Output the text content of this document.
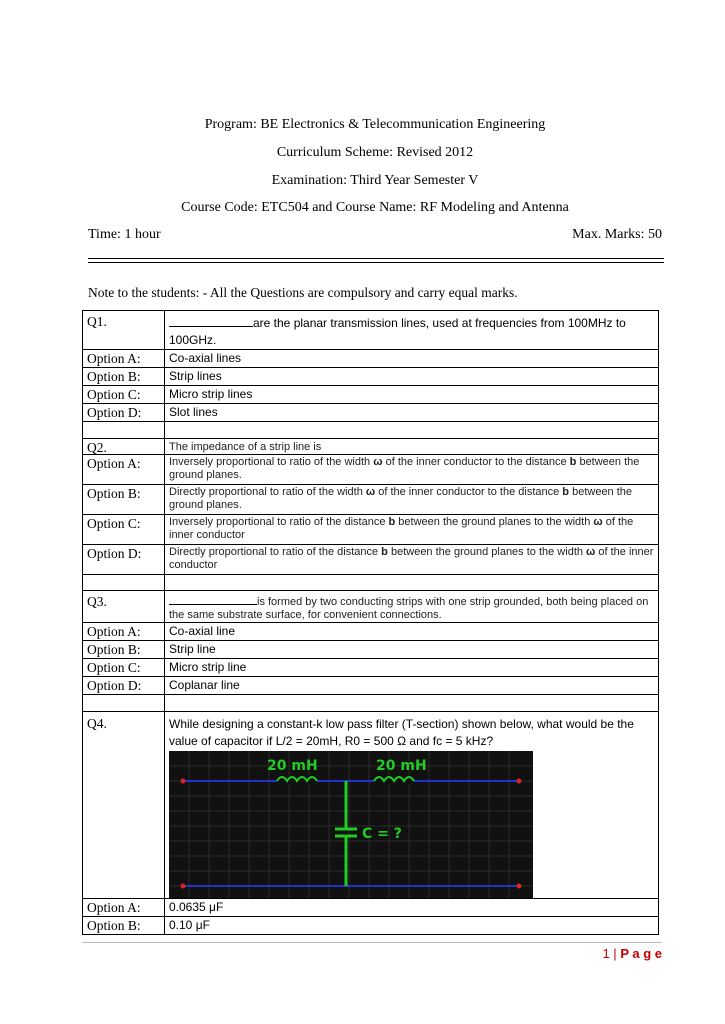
Program: BE Electronics & Telecommunication Engineering
Curriculum Scheme: Revised 2012
Examination: Third Year Semester V
Course Code: ETC504 and Course Name: RF Modeling and Antenna
Time: 1 hour	Max. Marks: 50
Note to the students: - All the Questions are compulsory and carry equal marks.
Q1.	are the planar transmission lines, used at frequencies from 100MHz to 100GHz.
Option A:	Co-axial lines
Option B:	Strip lines
Option C:	Micro strip lines
Option D:	Slot lines

Q2.	The impedance of a strip line is
Option A:	Inversely proportional to ratio of the width ω of the inner conductor to the distance b between the ground planes.
Option B:	Directly proportional to ratio of the width ω of the inner conductor to the distance b between the ground planes.
Option C:	Inversely proportional to ratio of the distance b between the ground planes to the width ω of the inner conductor
Option D:	Directly proportional to ratio of the distance b between the ground planes to the width ω of the inner conductor

Q3.	is formed by two conducting strips with one strip grounded, both being placed on the same substrate surface, for convenient connections.
Option A:	Co-axial line
Option B:	Strip line
Option C:	Micro strip line
Option D:	Coplanar line

Q4.	While designing a constant-k low pass filter (T-section) shown below, what would be the value of capacitor if L/2 = 20mH, R0 = 500 Ω and fc = 5 kHz?
20 mH 20 mH
C = ?

Option A:	0.0635 μF
Option B:	0.10 μF
1 | P a g e
